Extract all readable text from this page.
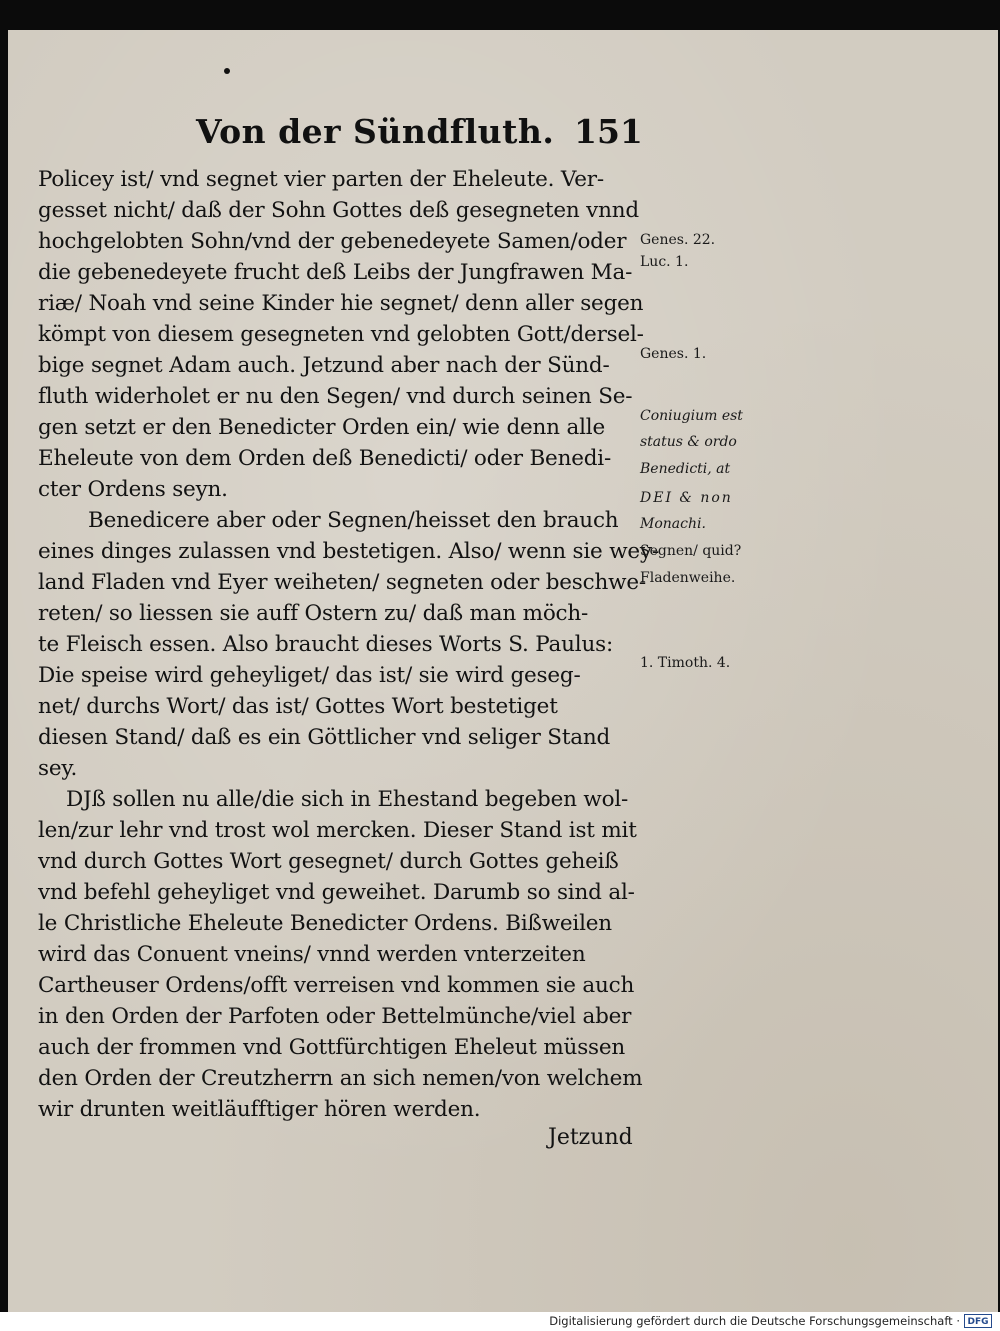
Von der Sündfluth. 151
Policey ist/ vnd segnet vier parten der Eheleute. Ver-
gesset nicht/ daß der Sohn Gottes deß gesegneten vnnd
hochgelobten Sohn/vnd der gebenedeyete Samen/oder
die gebenedeyete frucht deß Leibs der Jungfrawen Ma-
riæ/ Noah vnd seine Kinder hie segnet/ denn aller segen
kömpt von diesem gesegneten vnd gelobten Gott/dersel-
bige segnet Adam auch. Jetzund aber nach der Sünd-
fluth widerholet er nu den Segen/ vnd durch seinen Se-
gen setzt er den Benedicter Orden ein/ wie denn alle
Eheleute von dem Orden deß Benedicti/ oder Benedi-
cter Ordens seyn.
Benedicere aber oder Segnen/heisset den brauch
eines dinges zulassen vnd bestetigen. Also/ wenn sie wey-
land Fladen vnd Eyer weiheten/ segneten oder beschwe-
reten/ so liessen sie auff Ostern zu/ daß man möch-
te Fleisch essen. Also braucht dieses Worts S. Paulus:
Die speise wird geheyliget/ das ist/ sie wird geseg-
net/ durchs Wort/ das ist/ Gottes Wort bestetiget
diesen Stand/ daß es ein Göttlicher vnd seliger Stand
sey.
DJß sollen nu alle/die sich in Ehestand begeben wol-
len/zur lehr vnd trost wol mercken. Dieser Stand ist mit
vnd durch Gottes Wort gesegnet/ durch Gottes geheiß
vnd befehl geheyliget vnd geweihet. Darumb so sind al-
le Christliche Eheleute Benedicter Ordens. Bißweilen
wird das Conuent vneins/ vnnd werden vnterzeiten
Cartheuser Ordens/offt verreisen vnd kommen sie auch
in den Orden der Parfoten oder Bettelmünche/viel aber
auch der frommen vnd Gottfürchtigen Eheleut müssen
den Orden der Creutzherrn an sich nemen/von welchem
wir drunten weitläufftiger hören werden.
Genes. 22.
Luc. 1.
Genes. 1.
Coniugium est
status & ordo
Benedicti, at
DEI & non
Monachi.
Segnen/ quid?
Fladenweihe.
1. Timoth. 4.
Jetzund
Digitalisierung gefördert durch die Deutsche Forschungsgemeinschaft · DFG
